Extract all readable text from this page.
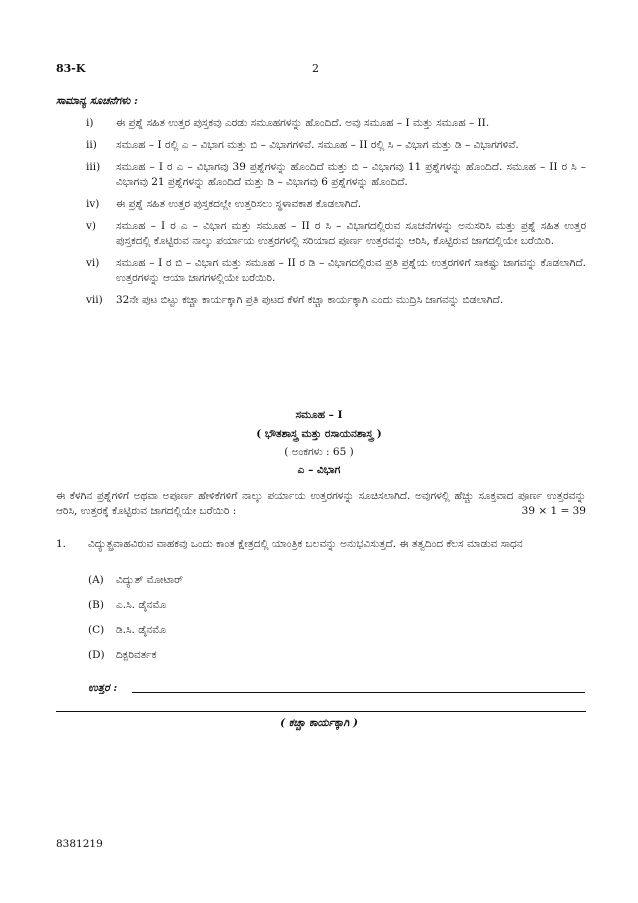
83-K	2
ಸಾಮಾನ್ಯ ಸೂಚನೆಗಳು :
i) ಈ ಪ್ರಶ್ನೆ ಸಹಿತ ಉತ್ತರ ಪುಸ್ತಕವು ಎರಡು ಸಮೂಹಗಳನ್ನು ಹೊಂದಿದೆ. ಅವು ಸಮೂಹ – I ಮತ್ತು ಸಮೂಹ – II.
ii) ಸಮೂಹ – I ರಲ್ಲಿ ಎ – ವಿಭಾಗ ಮತ್ತು ಬಿ – ವಿಭಾಗಗಳಿವೆ. ಸಮೂಹ – II ರಲ್ಲಿ ಸಿ – ವಿಭಾಗ ಮತ್ತು ಡಿ – ವಿಭಾಗಗಳಿವೆ.
iii) ಸಮೂಹ – I ರ ಎ – ವಿಭಾಗವು 39 ಪ್ರಶ್ನೆಗಳನ್ನು ಹೊಂದಿದೆ ಮತ್ತು ಬಿ – ವಿಭಾಗವು 11 ಪ್ರಶ್ನೆಗಳನ್ನು ಹೊಂದಿದೆ. ಸಮೂಹ – II ರ ಸಿ – ವಿಭಾಗವು 21 ಪ್ರಶ್ನೆಗಳನ್ನು ಹೊಂದಿದೆ ಮತ್ತು ಡಿ – ವಿಭಾಗವು 6 ಪ್ರಶ್ನೆಗಳನ್ನು ಹೊಂದಿದೆ.
iv) ಈ ಪ್ರಶ್ನೆ ಸಹಿತ ಉತ್ತರ ಪುಸ್ತಕದಲ್ಲೇ ಉತ್ತರಿಸಲು ಸ್ಥಳಾವಕಾಶ ಕೊಡಲಾಗಿದೆ.
v) ಸಮೂಹ – I ರ ಎ – ವಿಭಾಗ ಮತ್ತು ಸಮೂಹ – II ರ ಸಿ – ವಿಭಾಗದಲ್ಲಿರುವ ಸೂಚನೆಗಳನ್ನು ಅನುಸರಿಸಿ ಮತ್ತು ಪ್ರಶ್ನೆ ಸಹಿತ ಉತ್ತರ ಪುಸ್ತಕದಲ್ಲಿ ಕೊಟ್ಟಿರುವ ನಾಲ್ಕು ಪರ್ಯಾಯ ಉತ್ತರಗಳಲ್ಲಿ ಸರಿಯಾದ ಪೂರ್ಣ ಉತ್ತರವನ್ನು ಆರಿಸಿ, ಕೊಟ್ಟಿರುವ ಜಾಗದಲ್ಲಿಯೇ ಬರೆಯಿರಿ.
vi) ಸಮೂಹ – I ರ ಬಿ – ವಿಭಾಗ ಮತ್ತು ಸಮೂಹ – II ರ ಡಿ – ವಿಭಾಗದಲ್ಲಿರುವ ಪ್ರತಿ ಪ್ರಶ್ನೆಯ ಉತ್ತರಗಳಿಗೆ ಸಾಕಷ್ಟು ಜಾಗವನ್ನು ಕೊಡಲಾಗಿದೆ. ಉತ್ತರಗಳನ್ನು ಆಯಾ ಜಾಗಗಳಲ್ಲಿಯೇ ಬರೆಯಿರಿ.
vii) 32ನೇ ಪುಟ ಬಿಟ್ಟು ಕಚ್ಚಾ ಕಾರ್ಯಕ್ಕಾಗಿ ಪ್ರತಿ ಪುಟದ ಕೆಳಗೆ ಕಚ್ಚಾ ಕಾರ್ಯಕ್ಕಾಗಿ ಎಂದು ಮುದ್ರಿಸಿ ಜಾಗವನ್ನು ಬಿಡಲಾಗಿದೆ.
ಸಮೂಹ – I
( ಭೌತಶಾಸ್ತ್ರ ಮತ್ತು ರಸಾಯನಶಾಸ್ತ್ರ )
( ಅಂಕಗಳು : 65 )
ಎ – ವಿಭಾಗ
ಈ ಕೆಳಗಿನ ಪ್ರಶ್ನೆಗಳಿಗೆ ಅಥವಾ ಅಪೂರ್ಣ ಹೇಳಿಕೆಗಳಿಗೆ ನಾಲ್ಕು ಪರ್ಯಾಯ ಉತ್ತರಗಳನ್ನು ಸೂಚಿಸಲಾಗಿದೆ. ಅವುಗಳಲ್ಲಿ ಹೆಚ್ಚು ಸೂಕ್ತವಾದ ಪೂರ್ಣ ಉತ್ತರವನ್ನು ಆರಿಸಿ, ಉತ್ತರಕ್ಕೆ ಕೊಟ್ಟಿರುವ ಜಾಗದಲ್ಲಿಯೇ ಬರೆಯಿರಿ :	39 × 1 = 39
1. ವಿದ್ಯುತ್ಪ್ರವಾಹವಿರುವ ವಾಹಕವು ಒಂದು ಕಾಂತ ಕ್ಷೇತ್ರದಲ್ಲಿ ಯಾಂತ್ರಿಕ ಬಲವನ್ನು ಅನುಭವಿಸುತ್ತದೆ. ಈ ತತ್ವದಿಂದ ಕೆಲಸ ಮಾಡುವ ಸಾಧನ
(A) ವಿದ್ಯುತ್ ಮೋಟಾರ್
(B) ಎ.ಸಿ. ಡೈನಮೊ
(C) ಡಿ.ಸಿ. ಡೈನಮೊ
(D) ದಿಕ್ಪರಿವರ್ತಕ
ಉತ್ತರ :
( ಕಚ್ಚಾ ಕಾರ್ಯಕ್ಕಾಗಿ )
8381219
